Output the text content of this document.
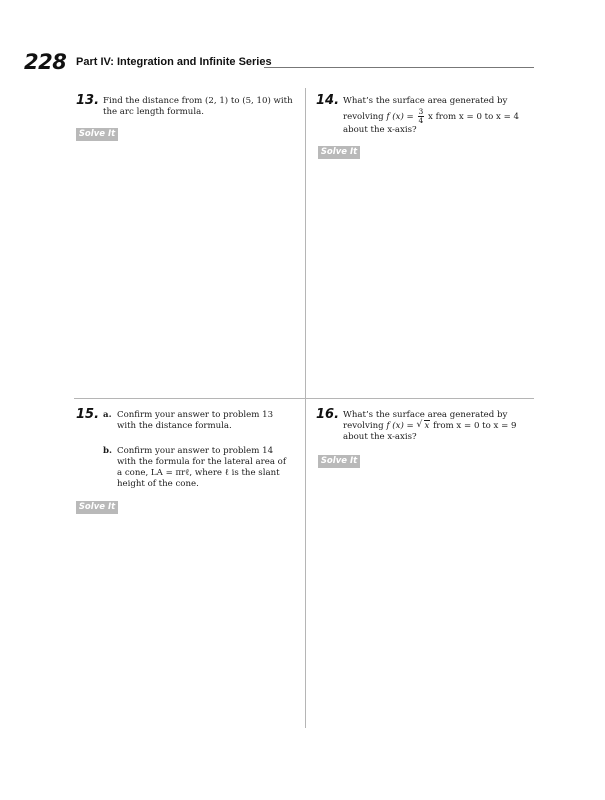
228 Part IV: Integration and Infinite Series
13. Find the distance from (2, 1) to (5, 10) with
the arc length formula.
Solve It
14. What’s the surface area generated by
revolving f $(x) = \frac{3}{4}$ x from x = 0 to x = 4
about the x-axis?
Solve It
15. a. Confirm your answer to problem 13
with the distance formula.
b. Confirm your answer to problem 14
with the formula for the lateral area of
a cone, LA = πrℓ, where ℓ is the slant
height of the cone.
Solve It
16. What’s the surface area generated by
revolving f (x) = √ x from x = 0 to x = 9
about the x-axis?
Solve It
